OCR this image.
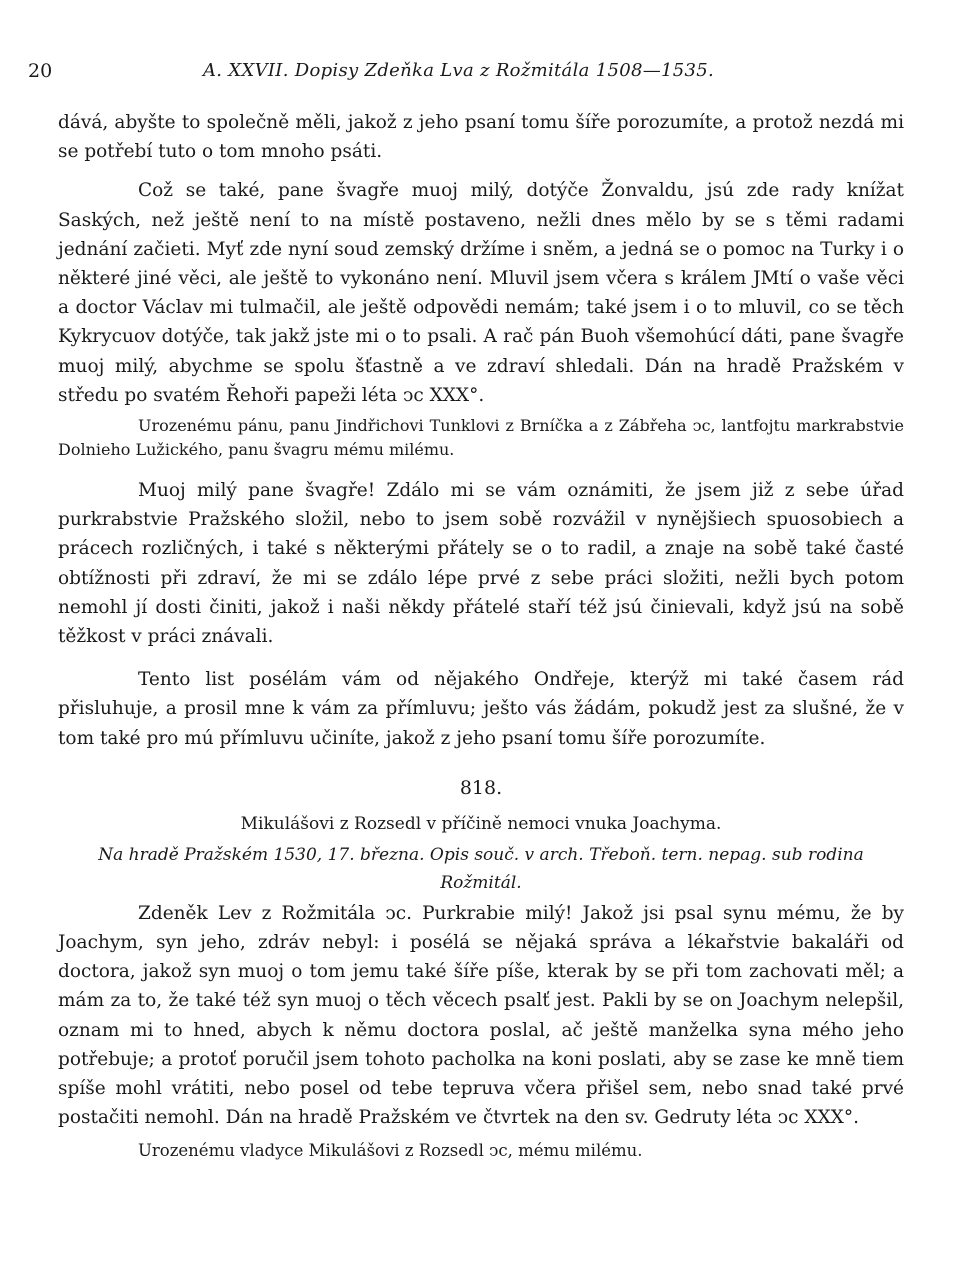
20	A. XXVII. Dopisy Zdeňka Lva z Rožmitála 1508—1535.

dává, abyšte to společně měli, jakož z jeho psaní tomu šíře porozumíte, a protož nezdá mi se potřebí tuto o tom mnoho psáti.

Což se také, pane švagře muoj milý, dotýče Žonvaldu, jsú zde rady knížat Saských, než ještě není to na místě postaveno, nežli dnes mělo by se s těmi radami jednání začieti. Myť zde nyní soud zemský držíme i sněm, a jedná se o pomoc na Turky i o některé jiné věci, ale ještě to vykonáno není. Mluvil jsem včera s králem JMtí o vaše věci a doctor Václav mi tulmačil, ale ještě odpovědi nemám; také jsem i o to mluvil, co se těch Kykrycuov dotýče, tak jakž jste mi o to psali. A rač pán Buoh všemohúcí dáti, pane švagře muoj milý, abychme se spolu šťastně a ve zdraví shledali. Dán na hradě Pražském v středu po svatém Řehoři papeži léta ↄc XXX°.

Urozenému pánu, panu Jindřichovi Tunklovi z Brníčka a z Zábřeha ↄc, lantfojtu markrabstvie Dolnieho Lužického, panu švagru mému milému.

Muoj milý pane švagře! Zdálo mi se vám oznámiti, že jsem již z sebe úřad purkrabstvie Pražského složil, nebo to jsem sobě rozvážil v nynějšiech spuosobiech a prácech rozličných, i také s některými přátely se o to radil, a znaje na sobě také časté obtížnosti při zdraví, že mi se zdálo lépe prvé z sebe práci složiti, nežli bych potom nemohl jí dosti činiti, jakož i naši někdy přátelé staří též jsú činievali, když jsú na sobě těžkost v práci znávali.

Tento list posélám vám od nějakého Ondřeje, kterýž mi také časem rád přisluhuje, a prosil mne k vám za přímluvu; ješto vás žádám, pokudž jest za slušné, že v tom také pro mú přímluvu učiníte, jakož z jeho psaní tomu šíře porozumíte.

818.
Mikulášovi z Rozsedl v příčině nemoci vnuka Joachyma.
Na hradě Pražském 1530, 17. března. Opis souč. v arch. Třeboň. tern. nepag. sub rodina Rožmitál.

Zdeněk Lev z Rožmitála ↄc. Purkrabie milý! Jakož jsi psal synu mému, že by Joachym, syn jeho, zdráv nebyl: i posélá se nějaká správa a lékařstvie bakaláři od doctora, jakož syn muoj o tom jemu také šíře píše, kterak by se při tom zachovati měl; a mám za to, že také též syn muoj o těch věcech psalť jest. Pakli by se on Joachym nelepšil, oznam mi to hned, abych k němu doctora poslal, ač ještě manželka syna mého jeho potřebuje; a protoť poručil jsem tohoto pacholka na koni poslati, aby se zase ke mně tiem spíše mohl vrátiti, nebo posel od tebe tepruva včera přišel sem, nebo snad také prvé postačiti nemohl. Dán na hradě Pražském ve čtvrtek na den sv. Gedruty léta ↄc XXX°.

Urozenému vladyce Mikulášovi z Rozsedl ↄc, mému milému.
